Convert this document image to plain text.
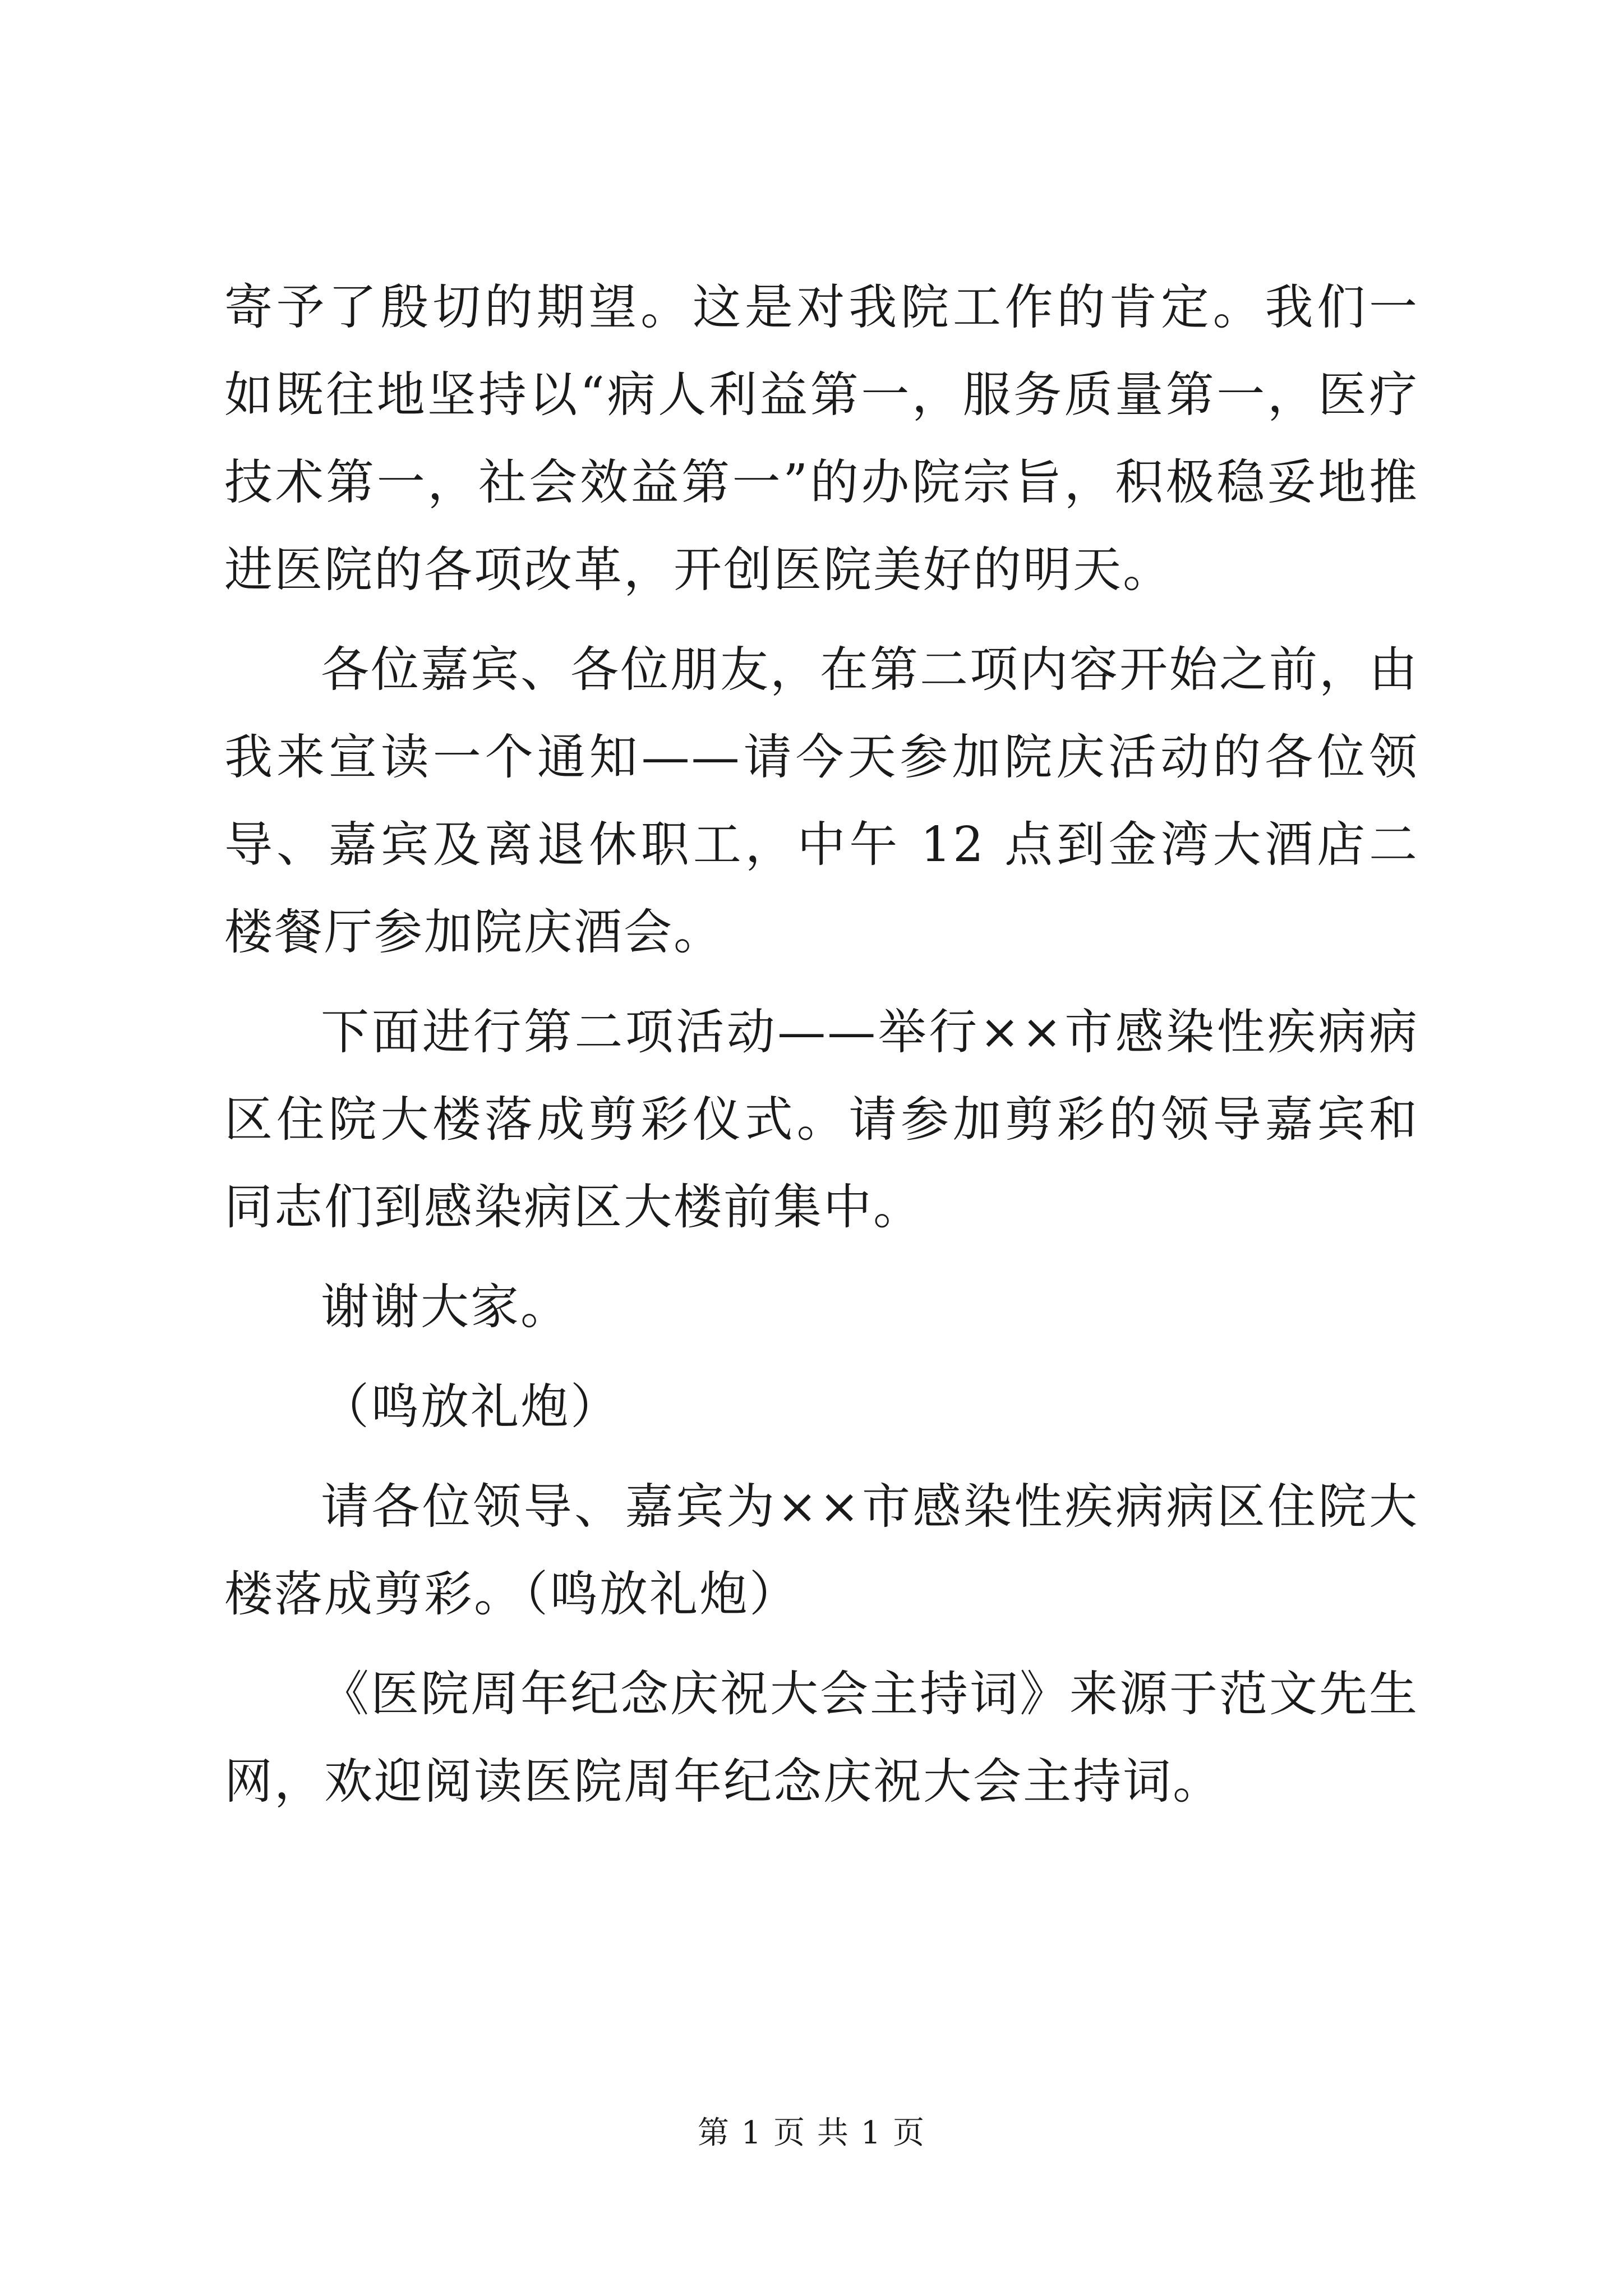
寄予了殷切的期望。这是对我院工作的肯定。我们一如既往地坚持以“病人利益第一，服务质量第一，医疗技术第一，社会效益第一”的办院宗旨，积极稳妥地推进医院的各项改革，开创医院美好的明天。

各位嘉宾、各位朋友，在第二项内容开始之前，由我来宣读一个通知——请今天参加院庆活动的各位领导、嘉宾及离退休职工，中午 12 点到金湾大酒店二楼餐厅参加院庆酒会。

下面进行第二项活动——举行××市感染性疾病病区住院大楼落成剪彩仪式。请参加剪彩的领导嘉宾和同志们到感染病区大楼前集中。

谢谢大家。

（鸣放礼炮）

请各位领导、嘉宾为××市感染性疾病病区住院大楼落成剪彩。（鸣放礼炮）

《医院周年纪念庆祝大会主持词》来源于范文先生网，欢迎阅读医院周年纪念庆祝大会主持词。

第 1 页 共 1 页
